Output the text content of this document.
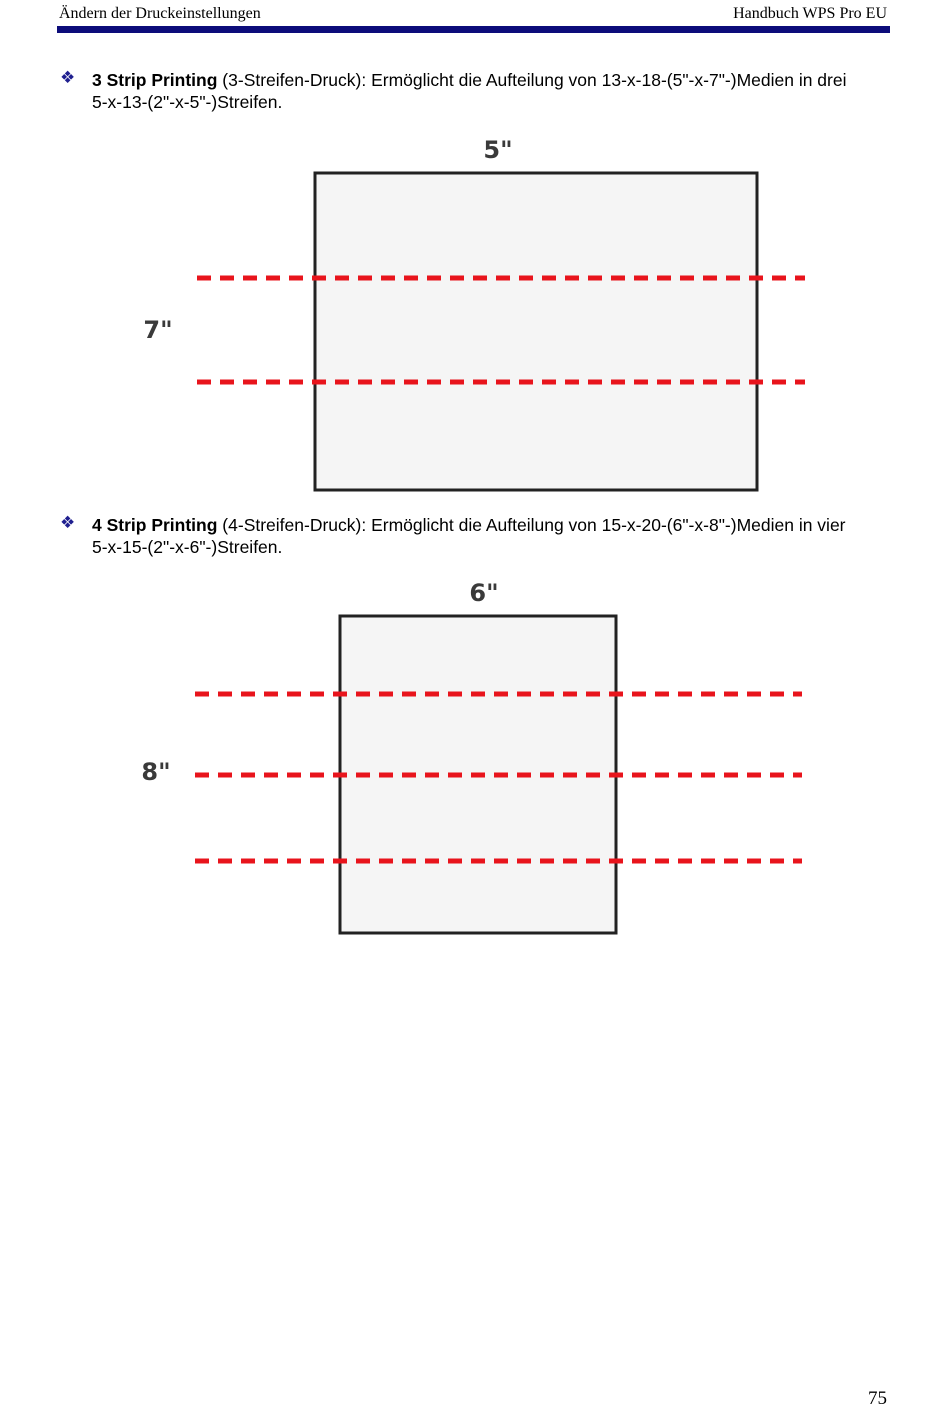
Ändern der Druckeinstellungen	Handbuch WPS Pro EU
❖ 3 Strip Printing (3-Streifen-Druck): Ermöglicht die Aufteilung von 13-x-18-(5"-x-7"-)Medien in drei
5-x-13-(2"-x-5"-)Streifen.
5"
7"
❖ 4 Strip Printing (4-Streifen-Druck): Ermöglicht die Aufteilung von 15-x-20-(6"-x-8"-)Medien in vier
5-x-15-(2"-x-6"-)Streifen.
6"
8"
75
